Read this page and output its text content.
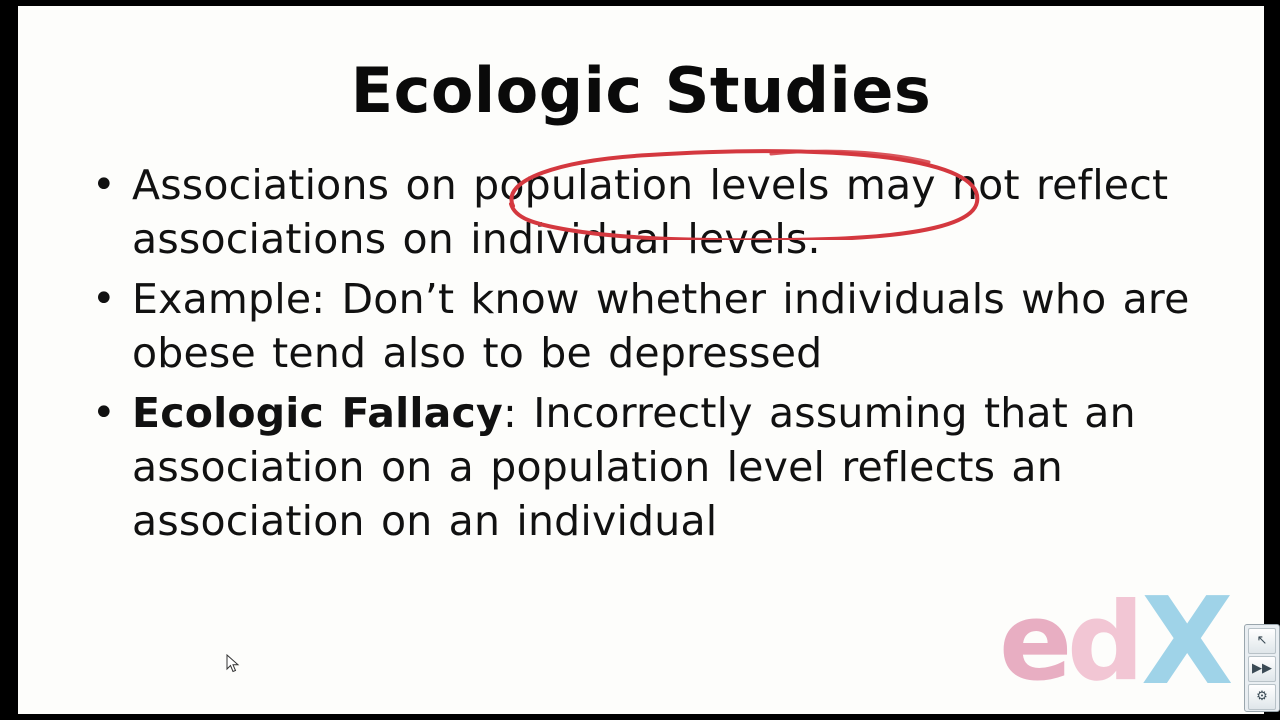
Ecologic Studies
• Associations on population levels may not reflect associations on individual levels.
• Example: Don’t know whether individuals who are obese tend also to be depressed
• Ecologic Fallacy: Incorrectly assuming that an association on a population level reflects an association on an individual
e
d
X	↖
▶▶
⚙
